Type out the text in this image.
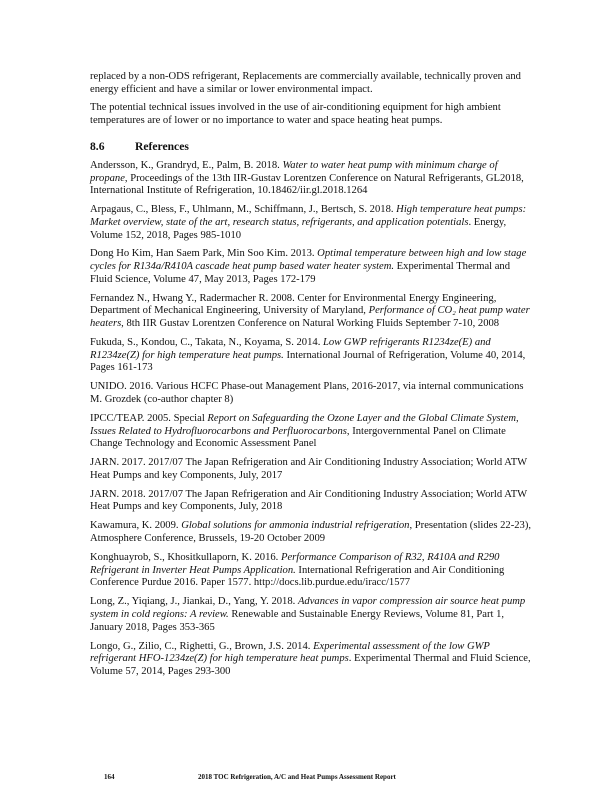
replaced by a non-ODS refrigerant, Replacements are commercially available, technically proven and energy efficient and have a similar or lower environmental impact.

The potential technical issues involved in the use of air-conditioning equipment for high ambient temperatures are of lower or no importance to water and space heating heat pumps.

8.6	References

Andersson, K., Grandryd, E., Palm, B. 2018. Water to water heat pump with minimum charge of propane, Proceedings of the 13th IIR-Gustav Lorentzen Conference on Natural Refrigerants, GL2018, International Institute of Refrigeration, 10.18462/iir.gl.2018.1264

Arpagaus, C., Bless, F., Uhlmann, M., Schiffmann, J., Bertsch, S. 2018. High temperature heat pumps: Market overview, state of the art, research status, refrigerants, and application potentials. Energy, Volume 152, 2018, Pages 985-1010

Dong Ho Kim, Han Saem Park, Min Soo Kim. 2013. Optimal temperature between high and low stage cycles for R134a/R410A cascade heat pump based water heater system. Experimental Thermal and Fluid Science, Volume 47, May 2013, Pages 172-179

Fernandez N., Hwang Y., Radermacher R. 2008. Center for Environmental Energy Engineering, Department of Mechanical Engineering, University of Maryland, Performance of CO₂ heat pump water heaters, 8th IIR Gustav Lorentzen Conference on Natural Working Fluids September 7-10, 2008

Fukuda, S., Kondou, C., Takata, N., Koyama, S. 2014. Low GWP refrigerants R1234ze(E) and R1234ze(Z) for high temperature heat pumps. International Journal of Refrigeration, Volume 40, 2014, Pages 161-173

UNIDO. 2016. Various HCFC Phase-out Management Plans, 2016-2017, via internal communications M. Grozdek (co-author chapter 8)

IPCC/TEAP. 2005. Special Report on Safeguarding the Ozone Layer and the Global Climate System, Issues Related to Hydrofluorocarbons and Perfluorocarbons, Intergovernmental Panel on Climate Change Technology and Economic Assessment Panel

JARN. 2017. 2017/07 The Japan Refrigeration and Air Conditioning Industry Association; World ATW Heat Pumps and key Components, July, 2017

JARN. 2018. 2017/07 The Japan Refrigeration and Air Conditioning Industry Association; World ATW Heat Pumps and key Components, July, 2018

Kawamura, K. 2009. Global solutions for ammonia industrial refrigeration, Presentation (slides 22-23), Atmosphere Conference, Brussels, 19-20 October 2009

Konghuayrob, S., Khositkullaporn, K. 2016. Performance Comparison of R32, R410A and R290 Refrigerant in Inverter Heat Pumps Application. International Refrigeration and Air Conditioning Conference Purdue 2016. Paper 1577. http://docs.lib.purdue.edu/iracc/1577

Long, Z., Yiqiang, J., Jiankai, D., Yang, Y. 2018. Advances in vapor compression air source heat pump system in cold regions: A review. Renewable and Sustainable Energy Reviews, Volume 81, Part 1, January 2018, Pages 353-365

Longo, G., Zilio, C., Righetti, G., Brown, J.S. 2014. Experimental assessment of the low GWP refrigerant HFO-1234ze(Z) for high temperature heat pumps. Experimental Thermal and Fluid Science, Volume 57, 2014, Pages 293-300

164	2018 TOC Refrigeration, A/C and Heat Pumps Assessment Report
